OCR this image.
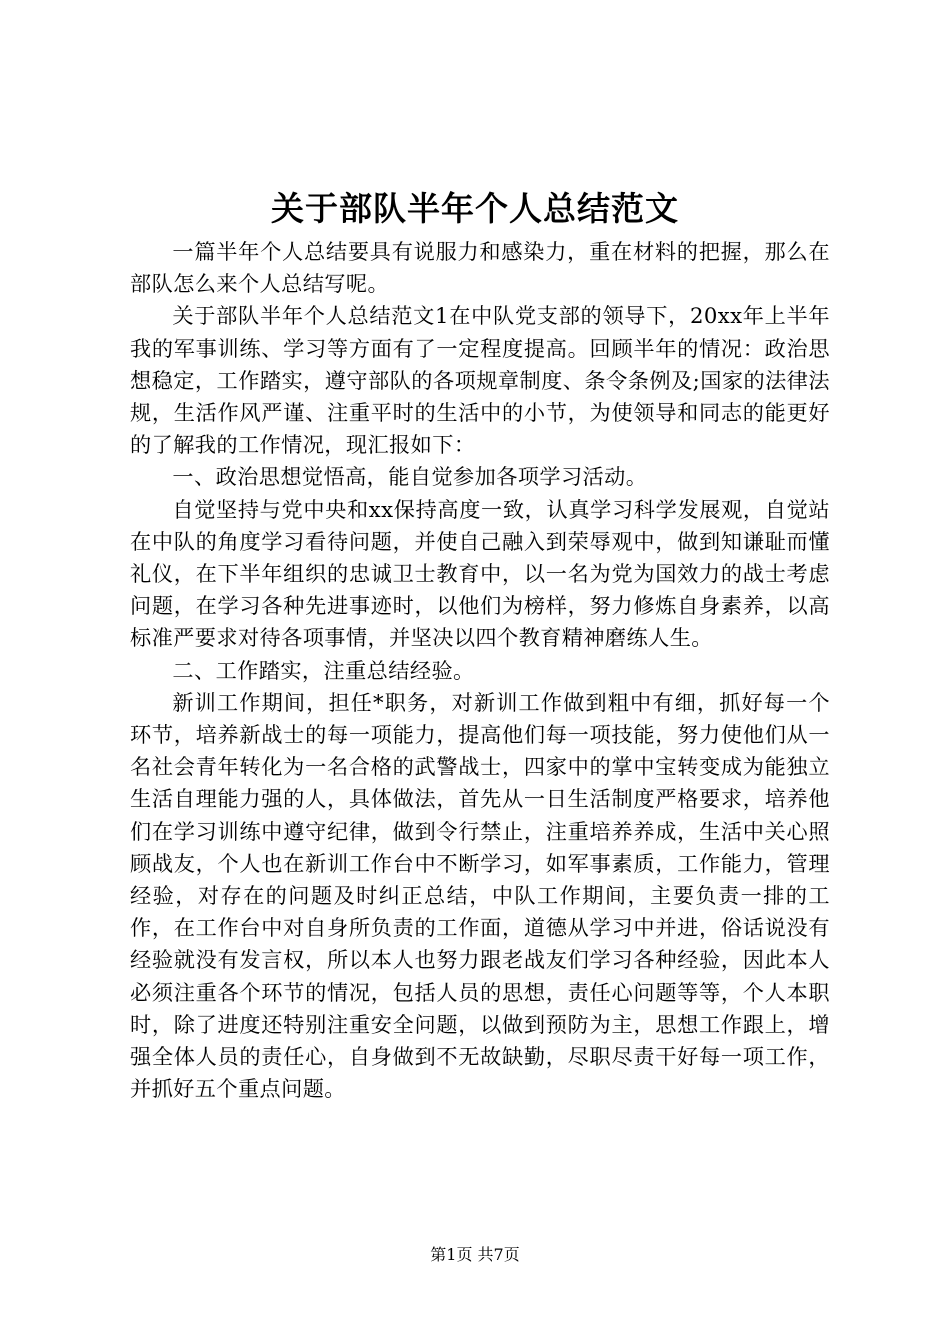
关于部队半年个人总结范文

一篇半年个人总结要具有说服力和感染力，重在材料的把握，那么在部队怎么来个人总结写呢。

关于部队半年个人总结范文1在中队党支部的领导下，20xx年上半年我的军事训练、学习等方面有了一定程度提高。回顾半年的情况：政治思想稳定，工作踏实，遵守部队的各项规章制度、条令条例及;国家的法律法规，生活作风严谨、注重平时的生活中的小节，为使领导和同志的能更好的了解我的工作情况，现汇报如下：

一、政治思想觉悟高，能自觉参加各项学习活动。

自觉坚持与党中央和xx保持高度一致，认真学习科学发展观，自觉站在中队的角度学习看待问题，并使自己融入到荣辱观中，做到知谦耻而懂礼仪，在下半年组织的忠诚卫士教育中，以一名为党为国效力的战士考虑问题，在学习各种先进事迹时，以他们为榜样，努力修炼自身素养，以高标准严要求对待各项事情，并坚决以四个教育精神磨练人生。

二、工作踏实，注重总结经验。

新训工作期间，担任*职务，对新训工作做到粗中有细，抓好每一个环节，培养新战士的每一项能力，提高他们每一项技能，努力使他们从一名社会青年转化为一名合格的武警战士，四家中的掌中宝转变成为能独立生活自理能力强的人，具体做法，首先从一日生活制度严格要求，培养他们在学习训练中遵守纪律，做到令行禁止，注重培养养成，生活中关心照顾战友，个人也在新训工作台中不断学习，如军事素质，工作能力，管理经验，对存在的问题及时纠正总结，中队工作期间，主要负责一排的工作，在工作台中对自身所负责的工作面，道德从学习中并进，俗话说没有经验就没有发言权，所以本人也努力跟老战友们学习各种经验，因此本人必须注重各个环节的情况，包括人员的思想，责任心问题等等，个人本职时，除了进度还特别注重安全问题，以做到预防为主，思想工作跟上，增强全体人员的责任心，自身做到不无故缺勤，尽职尽责干好每一项工作，并抓好五个重点问题。

第1页 共7页
